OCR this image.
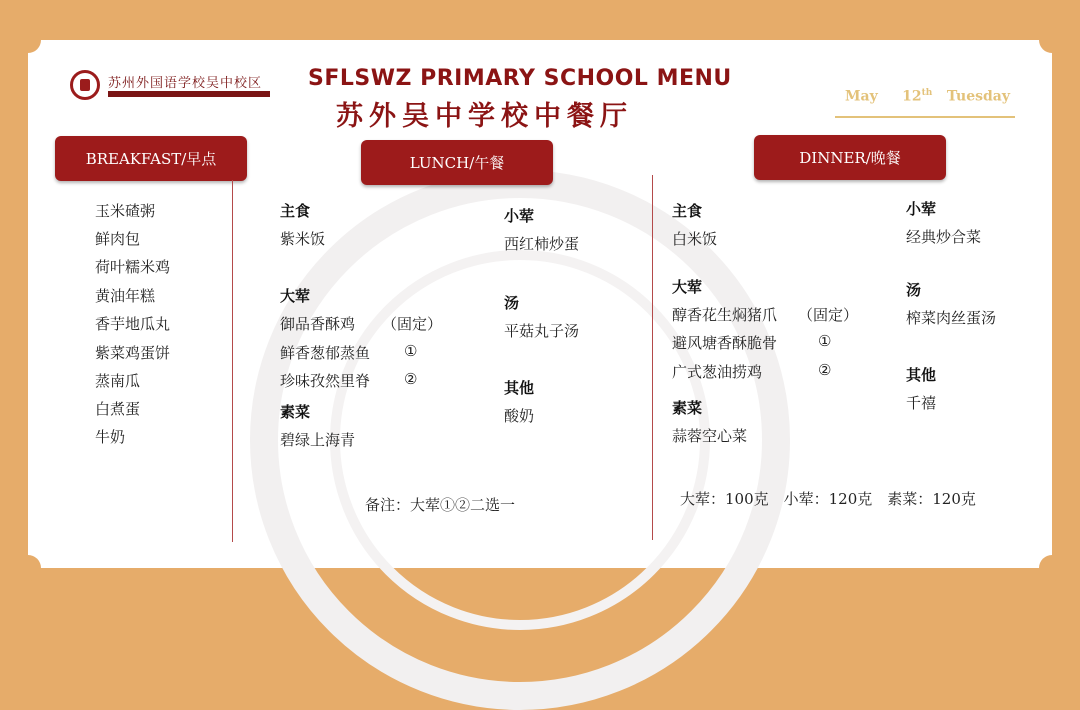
苏州外国语学校吴中校区 SFLSWZ PRIMARY SCHOOL MENU
苏外吴中学校中餐厅
May 12th Tuesday
BREAKFAST/早点	LUNCH/午餐	DINNER/晚餐
玉米碴粥
鲜肉包
荷叶糯米鸡
黄油年糕
香芋地瓜丸
紫菜鸡蛋饼
蒸南瓜
白煮蛋
牛奶
主食
紫米饭
大荤
御品香酥鸡 （固定）
鲜香葱郁蒸鱼 ①
珍味孜然里脊 ②
素菜
碧绿上海青
小荤
西红柿炒蛋
汤
平菇丸子汤
其他
酸奶
备注：大荤①②二选一
主食
白米饭
大荤
醇香花生焖猪爪 （固定）
避风塘香酥脆骨	①
广式葱油捞鸡	②
素菜
蒜蓉空心菜
小荤
经典炒合菜
汤
榨菜肉丝蛋汤
其他
千禧
大荤：100克　小荤：120克　素菜：120克
